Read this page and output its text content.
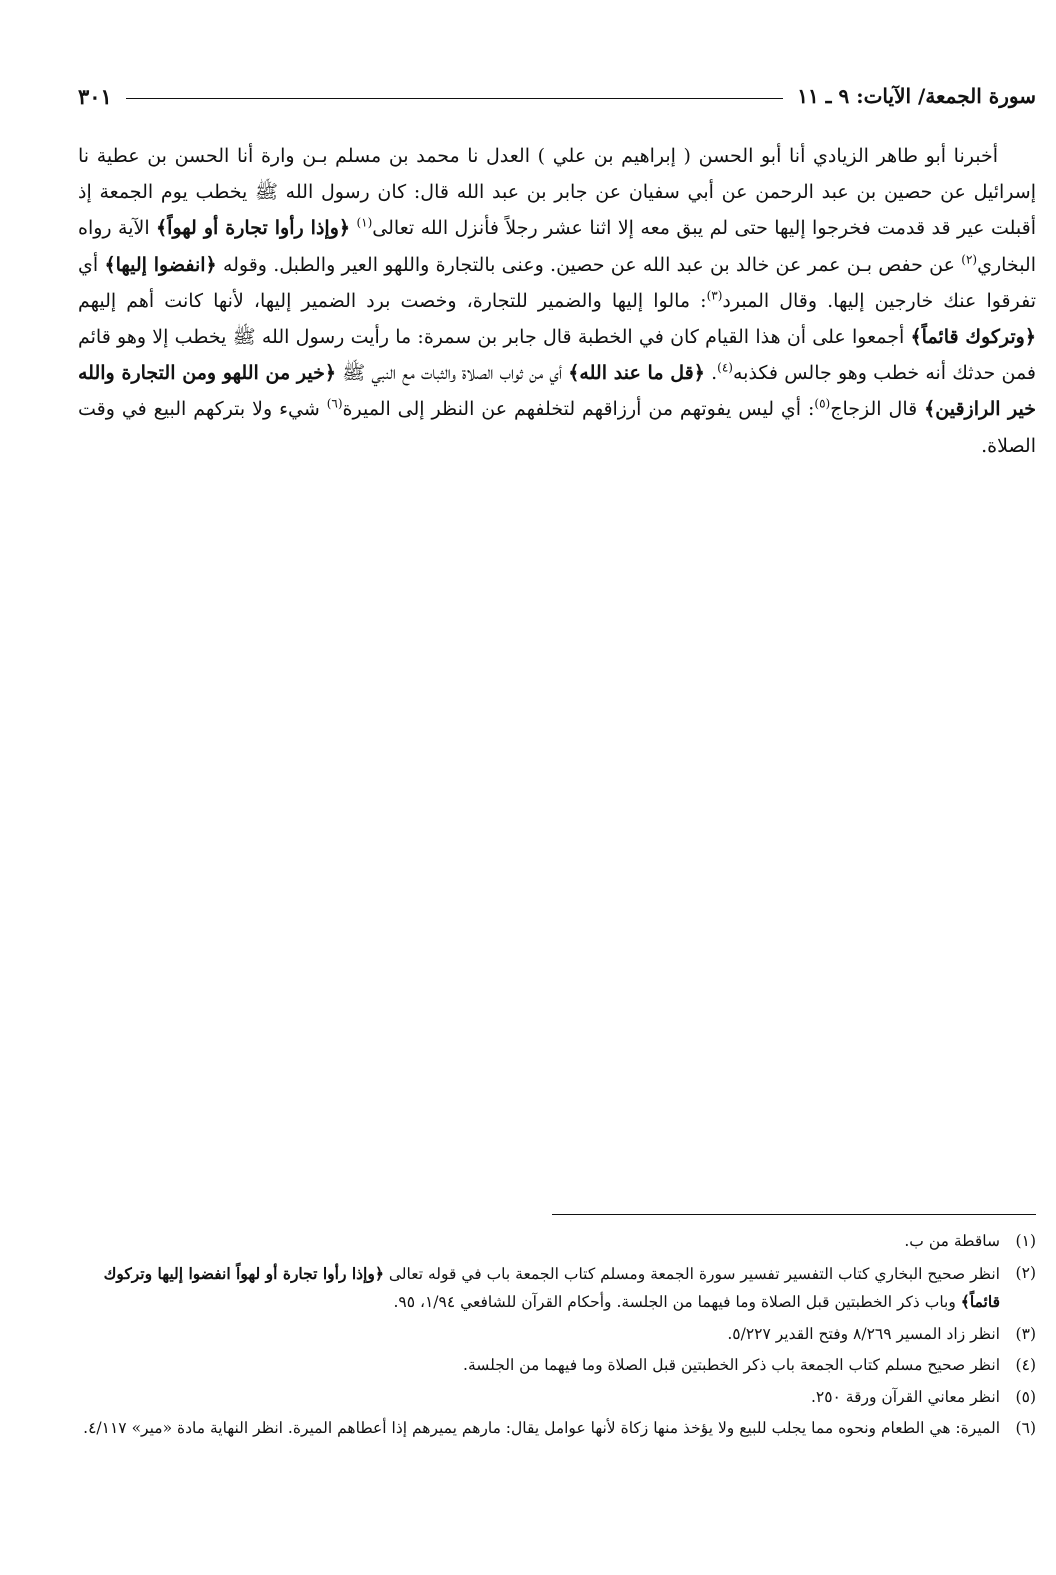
سورة الجمعة/ الآيات: ٩ ـ ١١
٣٠١

أخبرنا أبو طاهر الزيادي أنا أبو الحسن ( إبراهيم بن علي ) العدل نا محمد بن مسلم بـن وارة أنا الحسن بن عطية نا إسرائيل عن حصين بن عبد الرحمن عن أبي سفيان عن جابر بن عبد الله قال: كان رسول الله ﷺ يخطب يوم الجمعة إذ أقبلت عير قد قدمت فخرجوا إليها حتى لم يبق معه إلا اثنا عشر رجلاً فأنزل الله تعالى$^{(١)}$ ﴿وإذا رأوا تجارة أو لهواً﴾ الآية رواه البخاري$^{(٢)}$ عن حفص بـن عمر عن خالد بن عبد الله عن حصين. وعنى بالتجارة واللهو العير والطبل. وقوله ﴿انفضوا إليها﴾ أي تفرقوا عنك خارجين إليها. وقال المبرد$^{(٣)}$: مالوا إليها والضمير للتجارة، وخصت برد الضمير إليها، لأنها كانت أهم إليهم ﴿وتركوك قائماً﴾ أجمعوا على أن هذا القيام كان في الخطبة قال جابر بن سمرة: ما رأيت رسول الله ﷺ يخطب إلا وهو قائم فمن حدثك أنه خطب وهو جالس فكذبه$^{(٤)}$. ﴿قل ما عند الله﴾ أي من ثواب الصلاة والثبات مع النبي ﷺ ﴿خير من اللهو ومن التجارة والله خير الرازقين﴾ قال الزجاج$^{(٥)}$: أي ليس يفوتهم من أرزاقهم لتخلفهم عن النظر إلى الميرة$^{(٦)}$ شيء ولا بتركهم البيع في وقت الصلاة.

(١)
ساقطة من ب.
(٢)
انظر صحيح البخاري كتاب التفسير تفسير سورة الجمعة ومسلم كتاب الجمعة باب في قوله تعالى ﴿وإذا رأوا تجارة أو لهواً انفضوا إليها وتركوك قائماً﴾ وباب ذكر الخطبتين قبل الصلاة وما فيهما من الجلسة. وأحكام القرآن للشافعي ١/٩٤، ٩٥.
(٣)
انظر زاد المسير ٨/٢٦٩ وفتح القدير ٥/٢٢٧.
(٤)
انظر صحيح مسلم كتاب الجمعة باب ذكر الخطبتين قبل الصلاة وما فيهما من الجلسة.
(٥)
انظر معاني القرآن ورقة ٢٥٠.
(٦)
الميرة: هي الطعام ونحوه مما يجلب للبيع ولا يؤخذ منها زكاة لأنها عوامل يقال: مارهم يميرهم إذا أعطاهم الميرة. انظر النهاية مادة «مير» ٤/١١٧.
